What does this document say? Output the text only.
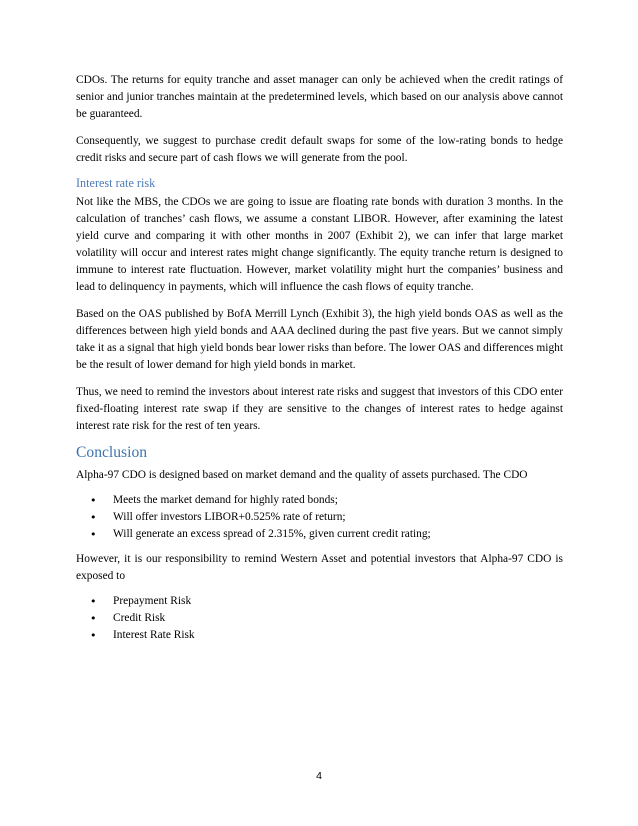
CDOs. The returns for equity tranche and asset manager can only be achieved when the credit ratings of senior and junior tranches maintain at the predetermined levels, which based on our analysis above cannot be guaranteed.

Consequently, we suggest to purchase credit default swaps for some of the low-rating bonds to hedge credit risks and secure part of cash flows we will generate from the pool.

Interest rate risk

Not like the MBS, the CDOs we are going to issue are floating rate bonds with duration 3 months. In the calculation of tranches’ cash flows, we assume a constant LIBOR. However, after examining the latest yield curve and comparing it with other months in 2007 (Exhibit 2), we can infer that large market volatility will occur and interest rates might change significantly. The equity tranche return is designed to immune to interest rate fluctuation. However, market volatility might hurt the companies’ business and lead to delinquency in payments, which will influence the cash flows of equity tranche.

Based on the OAS published by BofA Merrill Lynch (Exhibit 3), the high yield bonds OAS as well as the differences between high yield bonds and AAA declined during the past five years. But we cannot simply take it as a signal that high yield bonds bear lower risks than before. The lower OAS and differences might be the result of lower demand for high yield bonds in market.

Thus, we need to remind the investors about interest rate risks and suggest that investors of this CDO enter fixed-floating interest rate swap if they are sensitive to the changes of interest rates to hedge against interest rate risk for the rest of ten years.

Conclusion

Alpha-97 CDO is designed based on market demand and the quality of assets purchased. The CDO

• Meets the market demand for highly rated bonds;
• Will offer investors LIBOR+0.525% rate of return;
• Will generate an excess spread of 2.315%, given current credit rating;

However, it is our responsibility to remind Western Asset and potential investors that Alpha-97 CDO is exposed to

• Prepayment Risk
• Credit Risk
• Interest Rate Risk
4
